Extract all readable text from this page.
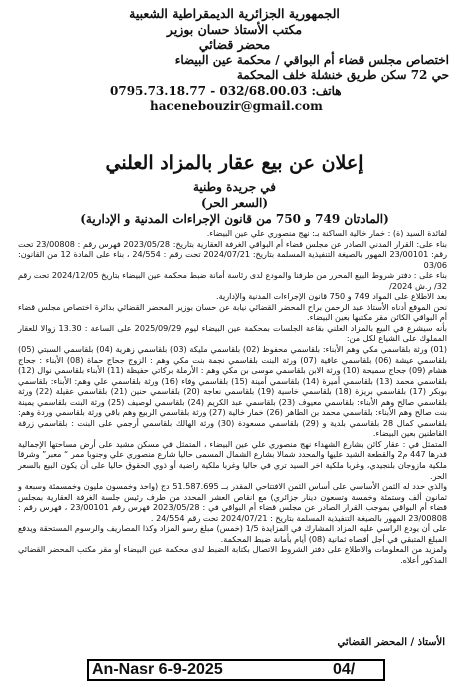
الجمهورية الجزائرية الديمقراطية الشعبية
مكتب الأستاذ حسان بوزير
محضر قضائي
اختصاص مجلس قضاء أم البواقي / محكمة عين البيضاء
حي 72 سكن طريق خنشلة خلف المحكمة
هاتف: 032/68.00.03 - 0795.73.18.77
hacenebouzir@gmail.com
إعلان عن بيع عقار بالمزاد العلني
في جريدة وطنية
(السعر الحر)
(المادتان 749 و 750 من قانون الإجراءات المدنية و الإدارية)

لفائدة السيد (ة) : خمار خالية الساكنة بـ: نهج منصوري علي عين البيضاء.

بناء على: القرار المدني الصادر عن مجلس قضاء أم البواقي الغرفة العقارية بتاريخ: 2023/05/28 فهرس رقم : 23/00808 تحت رقم: 23/00101 المهور بالصيغة التنفيذية المسلمة بتاريخ: 2024/07/21 تحت رقم : 24/554 ، بناء على المادة 12 من القانون: 03/06

بناء على : دفتر شروط البيع المحرر من طرفنا والمودع لدى رئاسة أمانة ضبط محكمة عين البيضاء بتاريخ 2024/12/05 تحت رقم 32/ ر.ش 2024/

بعد الاطلاع على المواد 749 و 750 قانون الإجراءات المدنية والإدارية.

نحن الموقع أدناه الأستاذ عبد الرحمن براح المحضر القضائي نيابة عن حسان بوزير المحضر القضائي بدائرة اختصاص مجلس قضاء أم البواقي الكائن مقر مكتبها بعين البيضاء.

بأنه سيشرع في البيع بالمزاد العلني بقاعة الجلسات بمحكمة عين البيضاء ليوم 2025/09/29 على الساعة : 13.30 زوالا للعقار المملوك على الشياع لكل من:

(01) ورثة بلقاسمي مكي وهم الأبناء: بلقاسمي محفوظ (02) بلقاسمي مليكة (03) بلقاسمي زهرية (04) بلقاسمي السبتي (05) بلقاسمي عيشة (06) بلقاسمي عاقية (07) ورثة البنت بلقاسمي نجمة بنت مكي وهم : الزوج جحاج حماة (08) الأبناء : جحاج هشام (09) جحاج سميحة (10) ورثة الابن بلقاسمي موسى بن مكي وهم : الأرملة بركاتي حفيظة (11) الأبناء بلقاسمي نوال (12) بلقاسمي محمد (13) بلقاسمي أميرة (14) بلقاسمي أمينة (15) بلقاسمي وفاء (16) ورثة بلقاسمي علي وهم: الأبناء: بلقاسمي بوبكر (17) بلقاسمي بريزة (18) بلقاسمي خاسية (19) بلقاسمي نعاجة (20) بلقاسمي حنين (21) بلقاسمي عقيلة (22) ورثة بلقاسمي صالح وهم الأبناء: بلقاسمي معيوف (23) بلقاسمي عبد الكريم (24) بلقاسمي لوصيف (25) ورثة البنت بلقاسمي يمينة بنت صالح وهم الأبناء: بلقاسمي محمد بن الطاهر (26) خمار خالية (27) ورثة بلقاسمي الربيع وهم باقي ورثة بلقاسمي وردة وهم: بلقاسمي كمال 28 بلقاسمي بلدية و (29) بلقاسمي مسعودة (30) ورثة الهالك بلقاسمي أرجمي على البنت : بلقاسمي زرقة القاطنين بعين البيضاء.

المتمثل في : عقار كائن بشارع الشهداء نهج منصوري علي عين البيضاء ، المتمثل في مسكن مشيد على أرض مساحتها الإجمالية قدرها 447 م2 والقطعة الشيد عليها والمحدد شمالا بشارع الشمال المسمى حاليا شارع منصوري علي وجنوبا ممر “ معبر” وشرقا ملكية مازوجان بلنجيدي، وغربا ملكية اخر السيد تري في حاليا وغربا ملكية راضية أو ذوي الحقوق حاليا على أن يكون البيع بالسعر الحر.

والذي حدد له الثمن الأساسي على أساس الثمن الافتتاحي المقدر بــ 51.587.695 دج (واحد وخمسون مليون وخمسمئة وسبعة و ثمانون ألف وستمئة وخمسة وتسعون دينار جزائري) مع انقاص العشر المحدد من طرف رئيس جلسة الغرفة العقارية بمجلس قضاء أم البواقي بموجب القرار الصادر عن مجلس قضاء أم البواقي في : 2023/05/28 فهرس رقم 23/00101 ، فهرس رقم : 23/00808 المهور بالصيغة التنفيذية المسلمة بتاريخ : 2024/07/21 تحت رقم 24/554 .

على أن يودع الراسي عليه المزاد المشارك في المزايدة 1/5 (خمس) مبلغ رسو المزاد وكذا المصاريف والرسوم المستحقة ويدفع المبلغ المتبقي في أجل أقصاه ثمانية (08) أيام بأمانة ضبط المحكمة.

ولمزيد من المعلومات والاطلاع على دفتر الشروط الاتصال بكتابة الضبط لدى محكمة عين البيضاء أو مقر مكتب المحضر القضائي المذكور أعلاه.

الأستاذ / المحضر القضائي
An-Nasr 6-9-2025	04/
